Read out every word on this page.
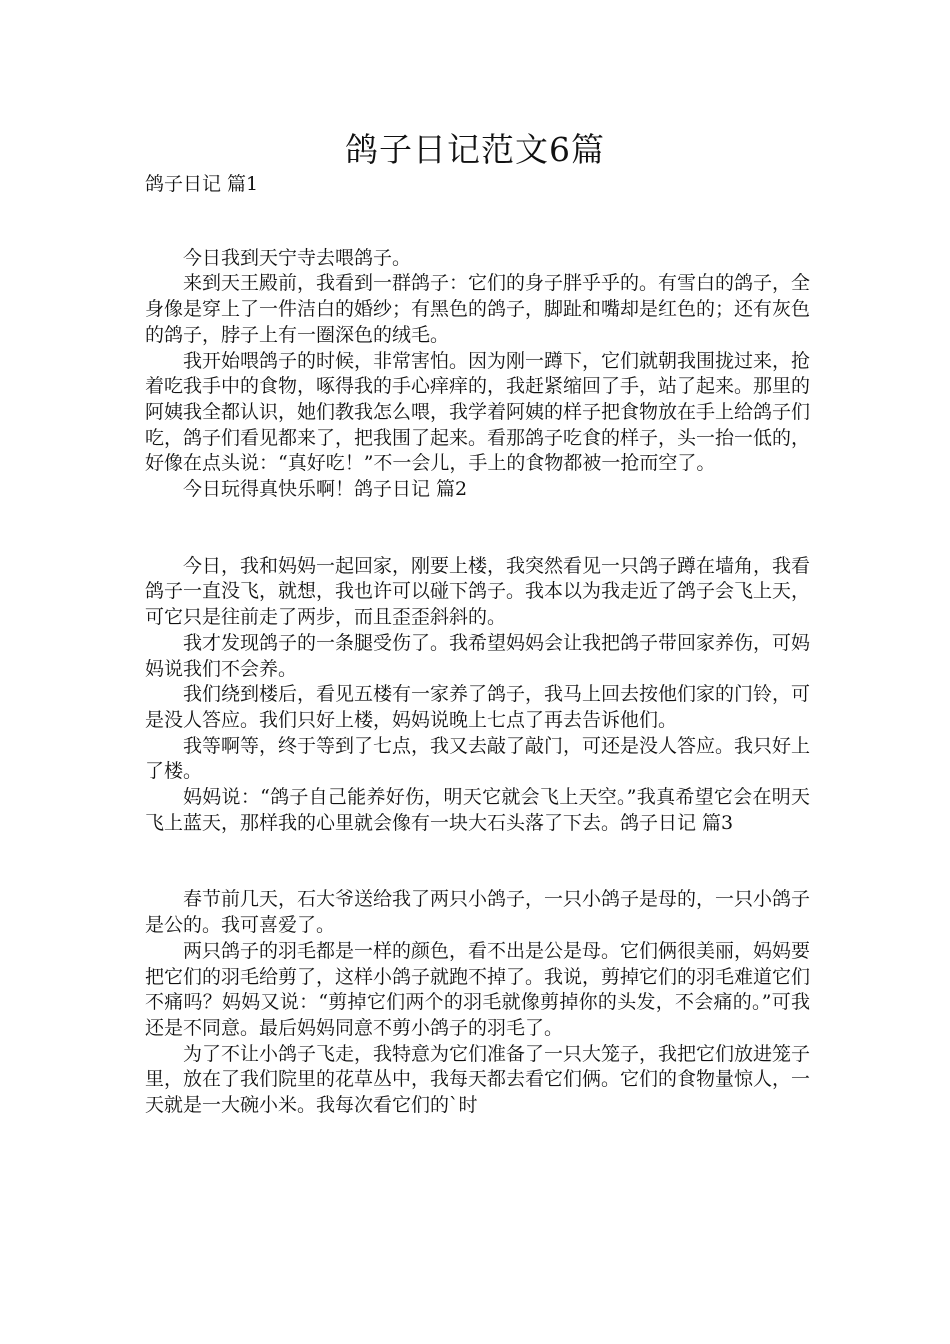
鸽子日记范文6篇

鸽子日记 篇1

今日我到天宁寺去喂鸽子。

来到天王殿前，我看到一群鸽子：它们的身子胖乎乎的。有雪白的鸽子，全身像是穿上了一件洁白的婚纱；有黑色的鸽子，脚趾和嘴却是红色的；还有灰色的鸽子，脖子上有一圈深色的绒毛。

我开始喂鸽子的时候，非常害怕。因为刚一蹲下，它们就朝我围拢过来，抢着吃我手中的食物，啄得我的手心痒痒的，我赶紧缩回了手，站了起来。那里的阿姨我全都认识，她们教我怎么喂，我学着阿姨的样子把食物放在手上给鸽子们吃，鸽子们看见都来了，把我围了起来。看那鸽子吃食的样子，头一抬一低的，好像在点头说：“真好吃！”不一会儿，手上的食物都被一抢而空了。

今日玩得真快乐啊！鸽子日记 篇2

今日，我和妈妈一起回家，刚要上楼，我突然看见一只鸽子蹲在墙角，我看鸽子一直没飞，就想，我也许可以碰下鸽子。我本以为我走近了鸽子会飞上天，可它只是往前走了两步，而且歪歪斜斜的。

我才发现鸽子的一条腿受伤了。我希望妈妈会让我把鸽子带回家养伤，可妈妈说我们不会养。

我们绕到楼后，看见五楼有一家养了鸽子，我马上回去按他们家的门铃，可是没人答应。我们只好上楼，妈妈说晚上七点了再去告诉他们。

我等啊等，终于等到了七点，我又去敲了敲门，可还是没人答应。我只好上了楼。

妈妈说：“鸽子自己能养好伤，明天它就会飞上天空。”我真希望它会在明天飞上蓝天，那样我的心里就会像有一块大石头落了下去。鸽子日记 篇3

春节前几天，石大爷送给我了两只小鸽子，一只小鸽子是母的，一只小鸽子是公的。我可喜爱了。

两只鸽子的羽毛都是一样的颜色，看不出是公是母。它们俩很美丽，妈妈要把它们的羽毛给剪了，这样小鸽子就跑不掉了。我说，剪掉它们的羽毛难道它们不痛吗？妈妈又说：“剪掉它们两个的羽毛就像剪掉你的头发，不会痛的。”可我还是不同意。最后妈妈同意不剪小鸽子的羽毛了。

为了不让小鸽子飞走，我特意为它们准备了一只大笼子，我把它们放进笼子里，放在了我们院里的花草丛中，我每天都去看它们俩。它们的食物量惊人，一天就是一大碗小米。我每次看它们的`时
